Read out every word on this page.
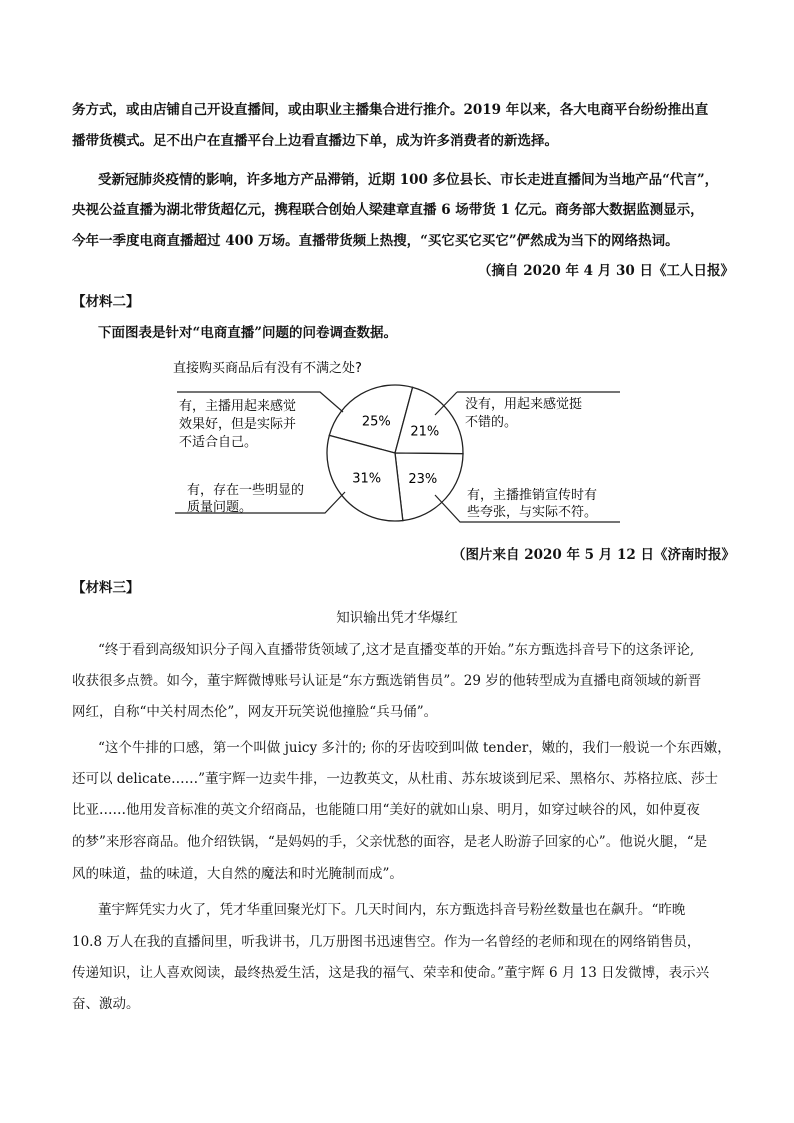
务方式，或由店铺自己开设直播间，或由职业主播集合进行推介。2019 年以来，各大电商平台纷纷推出直
播带货模式。足不出户在直播平台上边看直播边下单，成为许多消费者的新选择。
受新冠肺炎疫情的影响，许多地方产品滞销，近期 100 多位县长、市长走进直播间为当地产品“代言”，
央视公益直播为湖北带货超亿元，携程联合创始人梁建章直播 6 场带货 1 亿元。商务部大数据监测显示，
今年一季度电商直播超过 400 万场。直播带货频上热搜，“买它买它买它”俨然成为当下的网络热词。
（摘自 2020 年 4 月 30 日《工人日报》
【材料二】
下面图表是针对“电商直播”问题的问卷调查数据。
直接购买商品后有没有不满之处?
25%
21%
23%
31%
有，主播用起来感觉
效果好，但是实际并
不适合自己。
没有，用起来感觉挺
不错的。
有，存在一些明显的
质量问题。
有，主播推销宣传时有
些夸张，与实际不符。
（图片来自 2020 年 5 月 12 日《济南时报》
【材料三】
知识输出凭才华爆红
“终于看到高级知识分子闯入直播带货领域了,这才是直播变革的开始。”东方甄选抖音号下的这条评论,
收获很多点赞。如今，董宇辉微博账号认证是“东方甄选销售员”。29 岁的他转型成为直播电商领域的新晋
网红，自称“中关村周杰伦”，网友开玩笑说他撞脸“兵马俑”。
“这个牛排的口感，第一个叫做 juicy 多汁的; 你的牙齿咬到叫做 tender，嫩的，我们一般说一个东西嫩，
还可以 delicate……”董宇辉一边卖牛排，一边教英文，从杜甫、苏东坡谈到尼采、黑格尔、苏格拉底、莎士
比亚……他用发音标准的英文介绍商品，也能随口用“美好的就如山泉、明月，如穿过峡谷的风，如仲夏夜
的梦”来形容商品。他介绍铁锅，“是妈妈的手，父亲忧愁的面容，是老人盼游子回家的心”。他说火腿，“是
风的味道，盐的味道，大自然的魔法和时光腌制而成”。
董宇辉凭实力火了，凭才华重回聚光灯下。几天时间内，东方甄选抖音号粉丝数量也在飙升。“昨晚
10.8 万人在我的直播间里，听我讲书，几万册图书迅速售空。作为一名曾经的老师和现在的网络销售员，
传递知识，让人喜欢阅读，最终热爱生活，这是我的福气、荣幸和使命。”董宇辉 6 月 13 日发微博，表示兴
奋、激动。
